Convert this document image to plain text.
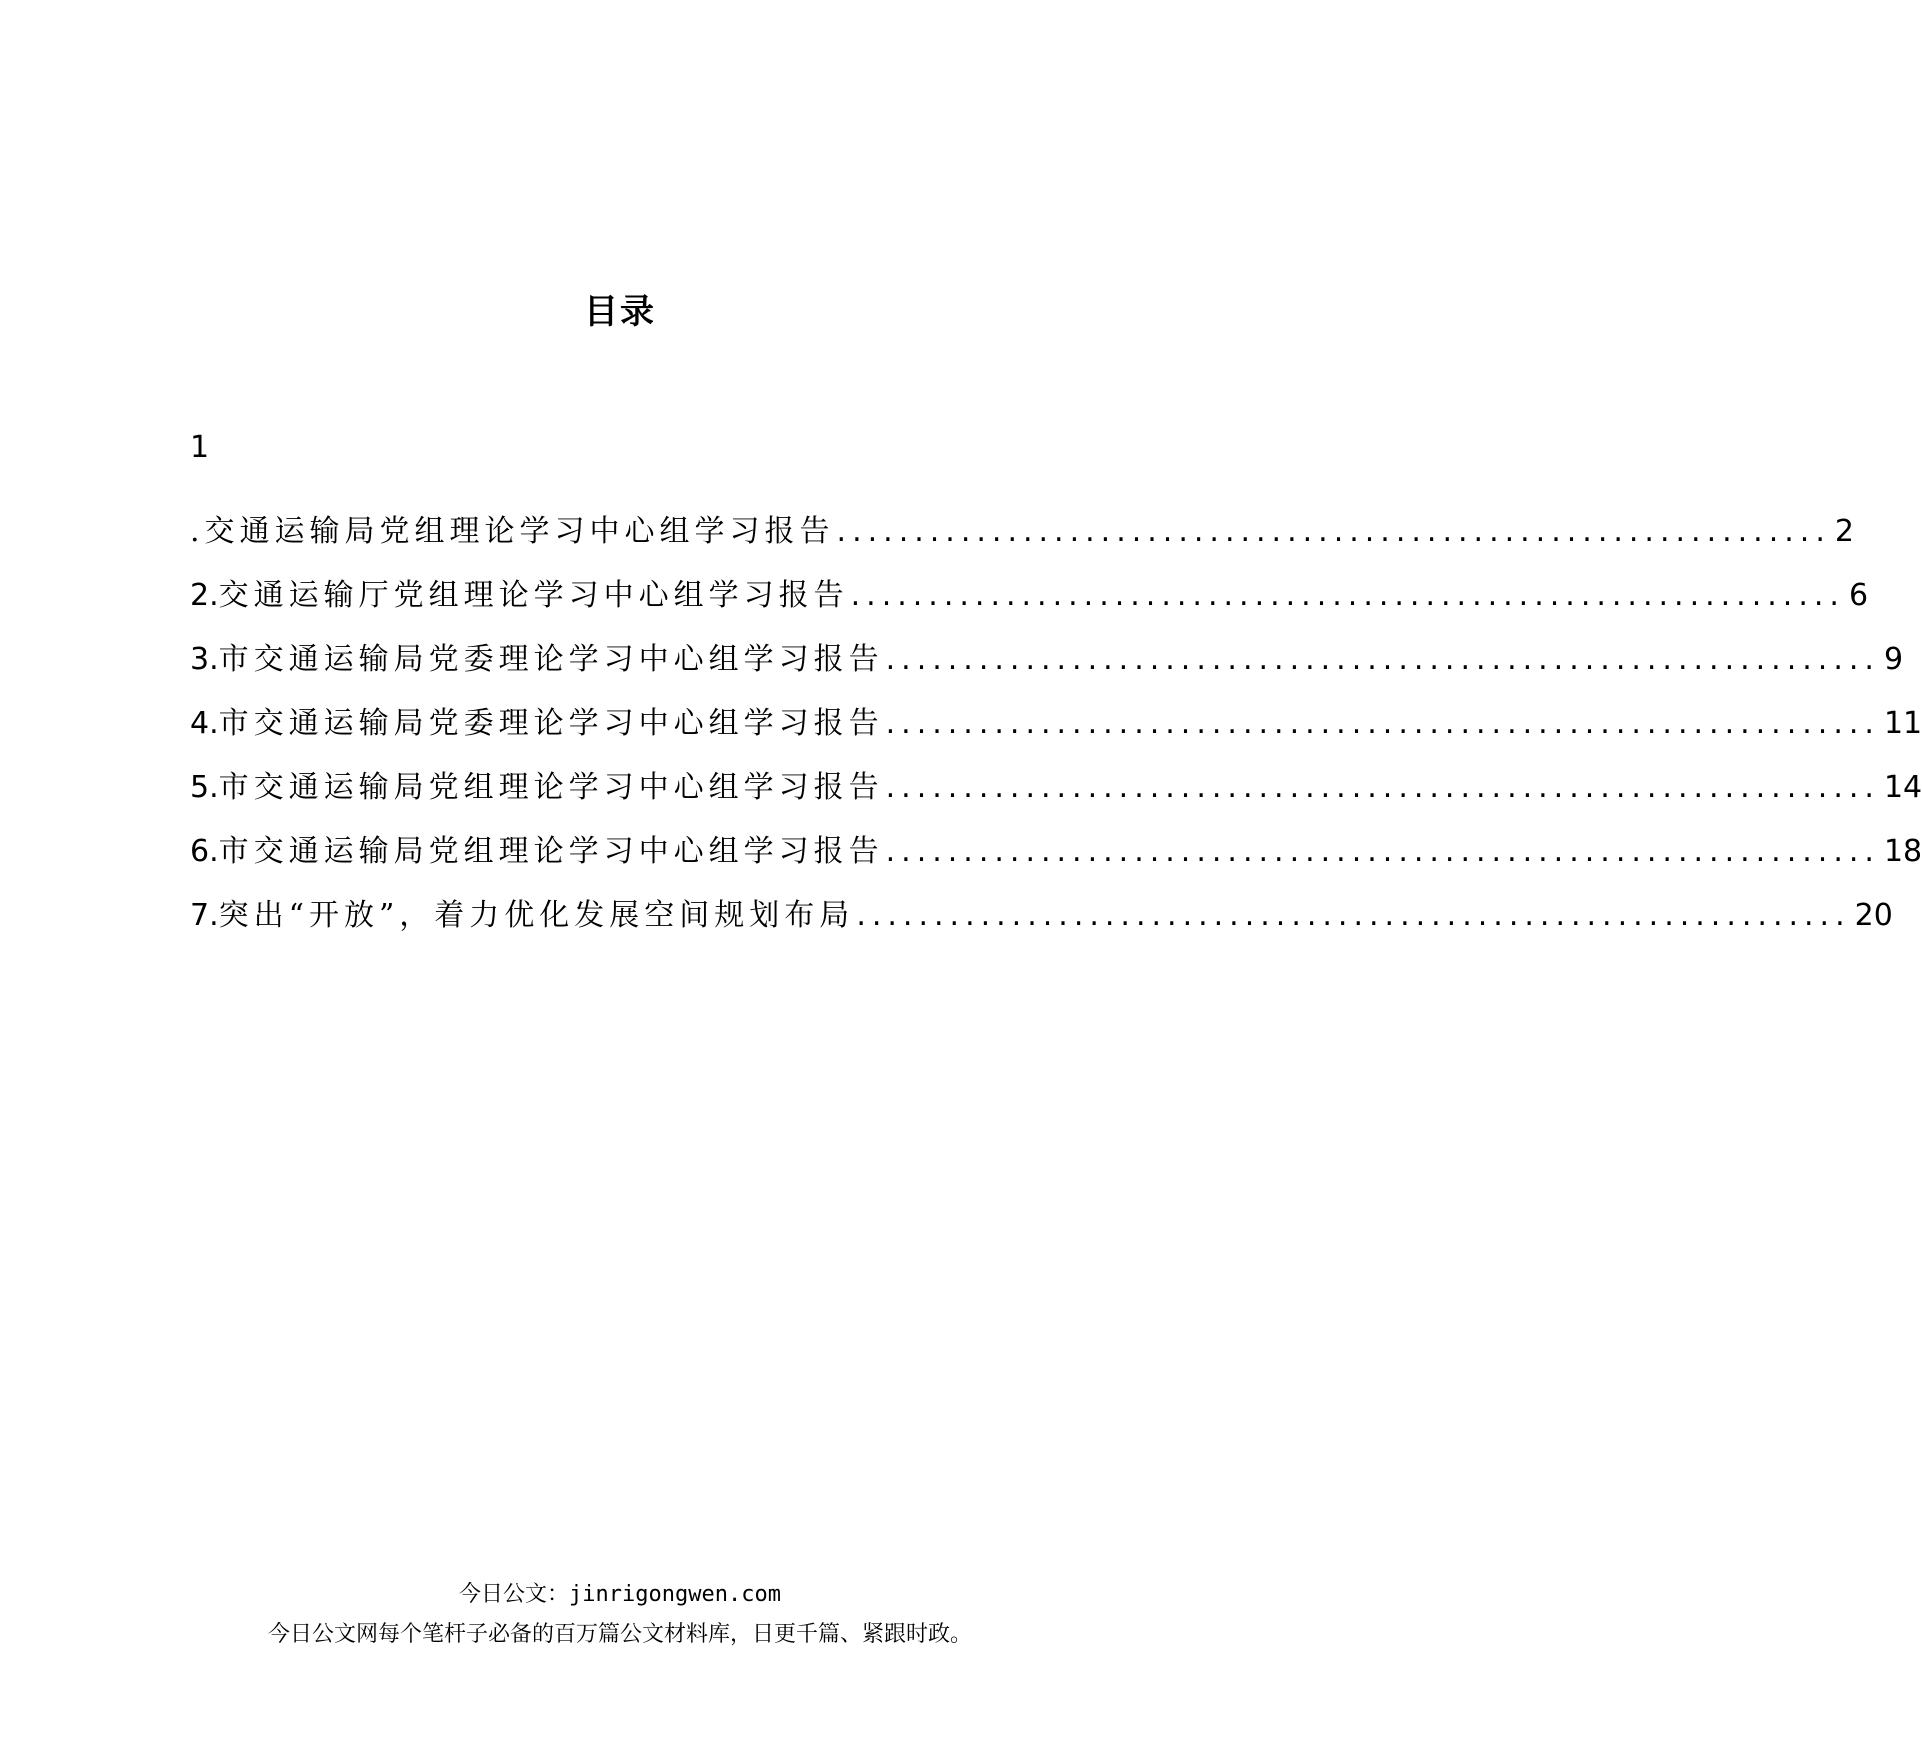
目录
1
.交通运输局党组理论学习中心组学习报告 ................................................................ 2
2. 交通运输厅党组理论学习中心组学习报告 ................................................................ 6
3. 市交通运输局党委理论学习中心组学习报告 ................................................................ 9
4. 市交通运输局党委理论学习中心组学习报告 ................................................................ 11
5. 市交通运输局党组理论学习中心组学习报告 ................................................................ 14
6. 市交通运输局党组理论学习中心组学习报告 ................................................................ 18
7. 突出“开放”，着力优化发展空间规划布局 ................................................................ 20
今日公文：jinrigongwen.com
今日公文网每个笔杆子必备的百万篇公文材料库，日更千篇、紧跟时政。
